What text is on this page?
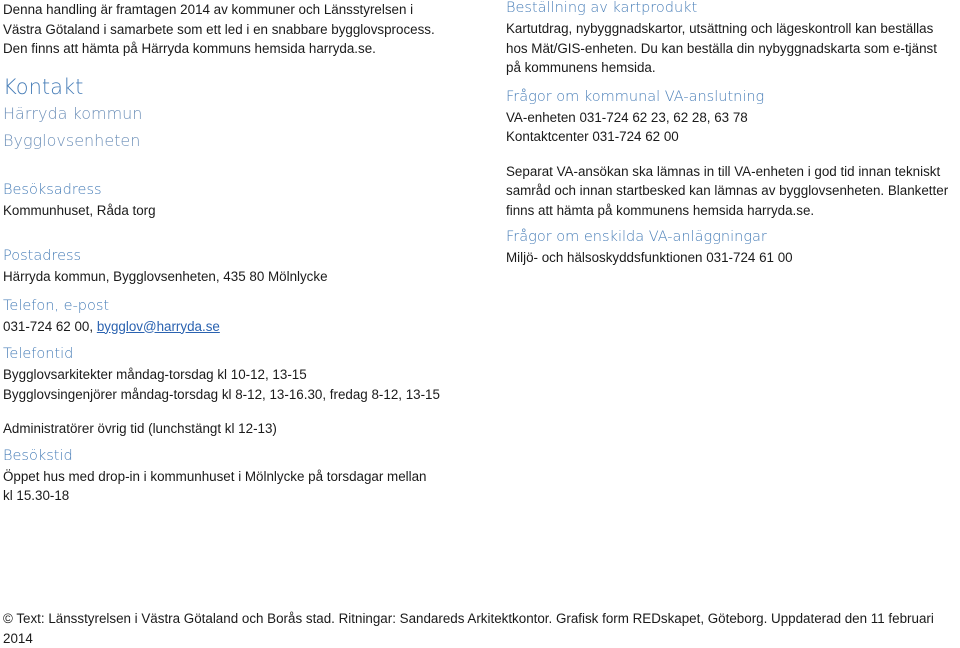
Denna handling är framtagen 2014 av kommuner och Länsstyrelsen i
Västra Götaland i samarbete som ett led i en snabbare bygglovsprocess.
Den finns att hämta på Härryda kommuns hemsida harryda.se.

Kontakt

Härryda kommun

Bygglovsenheten

Besöksadress

Kommunhuset, Råda torg

Postadress

Härryda kommun, Bygglovsenheten, 435 80 Mölnlycke

Telefon, e-post

031-724 62 00, bygglov@harryda.se

Telefontid

Bygglovsarkitekter måndag-torsdag kl 10-12, 13-15

Bygglovsingenjörer måndag-torsdag kl 8-12, 13-16.30, fredag 8-12, 13-15

Administratörer övrig tid (lunchstängt kl 12-13)

Besökstid

Öppet hus med drop-in i kommunhuset i Mölnlycke på torsdagar mellan
kl 15.30-18

Beställning av kartprodukt

Kartutdrag, nybyggnadskartor, utsättning och lägeskontroll kan beställas
hos Mät/GIS-enheten. Du kan beställa din nybyggnadskarta som e-tjänst
på kommunens hemsida.

Frågor om kommunal VA-anslutning

VA-enheten 031-724 62 23, 62 28, 63 78

Kontaktcenter 031-724 62 00

Separat VA-ansökan ska lämnas in till VA-enheten i god tid innan tekniskt
samråd och innan startbesked kan lämnas av bygglovsenheten. Blanketter
finns att hämta på kommunens hemsida harryda.se.

Frågor om enskilda VA-anläggningar

Miljö- och hälsoskyddsfunktionen 031-724 61 00

© Text: Länsstyrelsen i Västra Götaland och Borås stad. Ritningar: Sandareds Arkitektkontor. Grafisk form REDskapet, Göteborg. Uppdaterad den 11 februari
2014
